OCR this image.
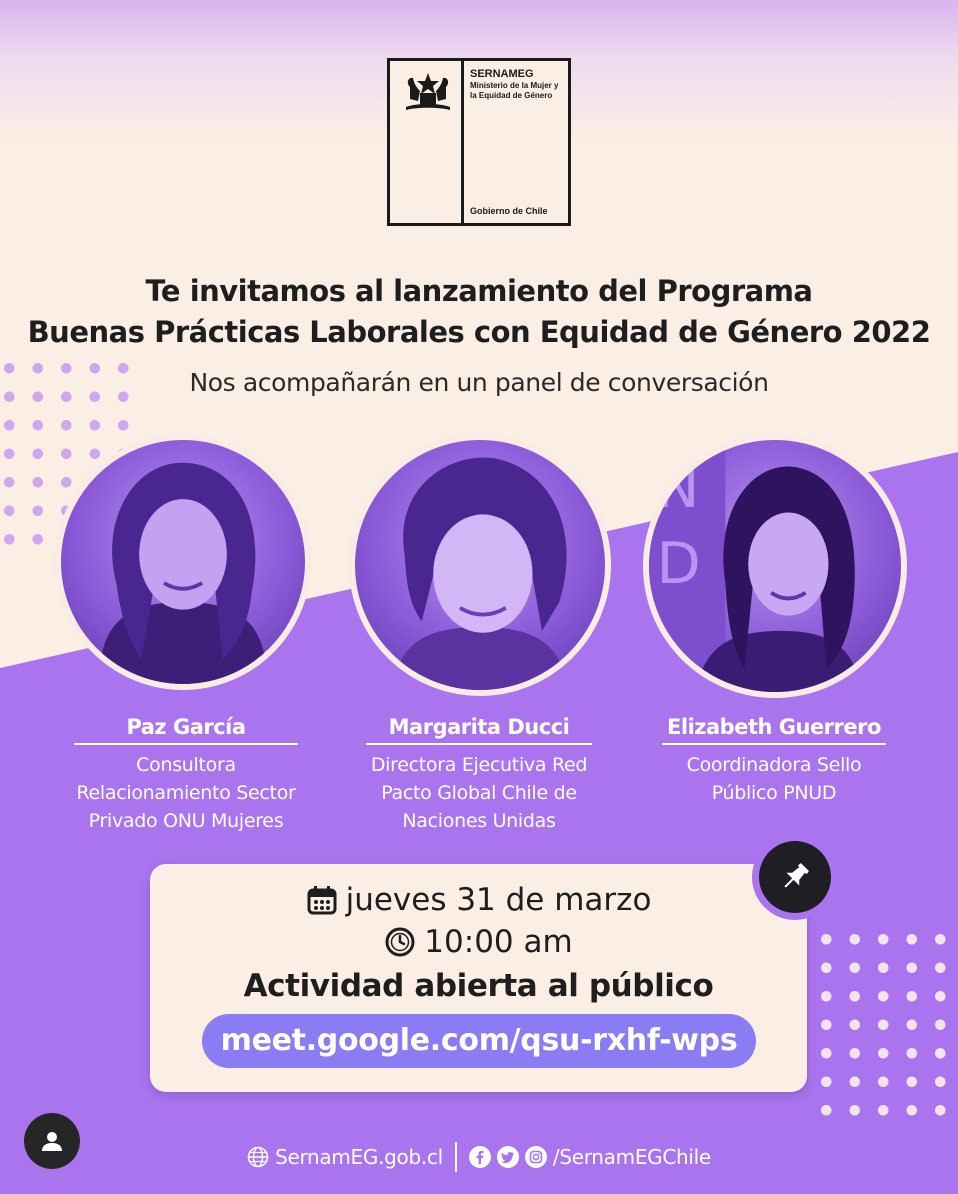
SERNAMEG
Ministerio de la Mujer y la Equidad de Género
Gobierno de Chile
Te invitamos al lanzamiento del Programa
Buenas Prácticas Laborales con Equidad de Género 2022
Nos acompañarán en un panel de conversación
N
D
Paz García
Consultora
Relacionamiento Sector
Privado ONU Mujeres
Margarita Ducci
Directora Ejecutiva Red
Pacto Global Chile de
Naciones Unidas
Elizabeth Guerrero
Coordinadora Sello
Público PNUD
jueves 31 de marzo
10:00 am
Actividad abierta al público
meet.google.com/qsu-rxhf-wps
SernamEG.gob.cl	/SernamEGChile
